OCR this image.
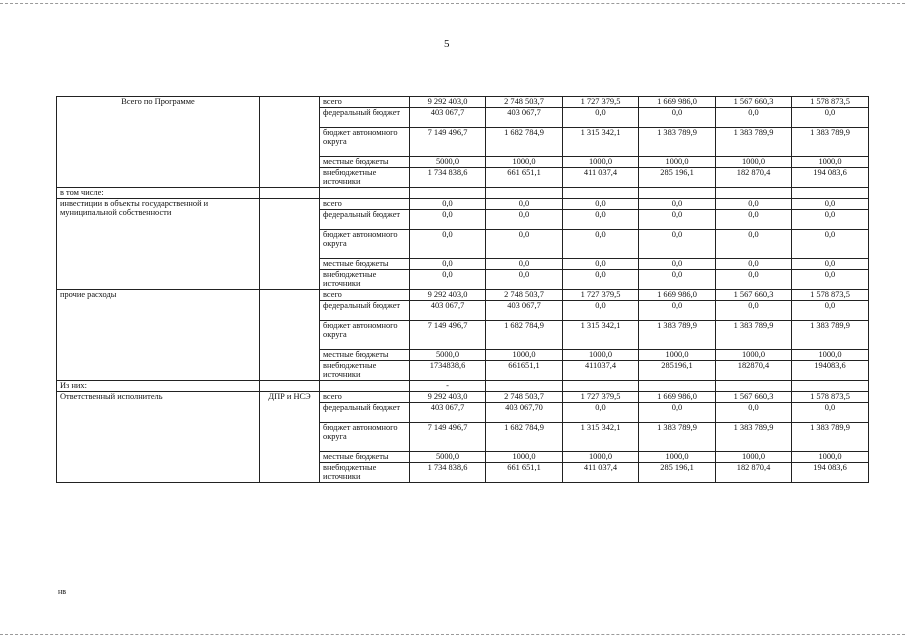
5
Всего по Программе		всего	9 292 403,0	2 748 503,7	1 727 379,5	1 669 986,0	1 567 660,3	1 578 873,5
		федеральный бюджет	403 067,7	403 067,7	0,0	0,0	0,0	0,0
		бюджет автономного округа	7 149 496,7	1 682 784,9	1 315 342,1	1 383 789,9	1 383 789,9	1 383 789,9
		местные бюджеты	5000,0	1000,0	1000,0	1000,0	1000,0	1000,0
		внебюджетные источники	1 734 838,6	661 651,1	411 037,4	285 196,1	182 870,4	194 083,6
в том числе:								
инвестиции в объекты государственной и муниципальной собственности		всего	0,0	0,0	0,0	0,0	0,0	0,0
		федеральный бюджет	0,0	0,0	0,0	0,0	0,0	0,0
		бюджет автономного округа	0,0	0,0	0,0	0,0	0,0	0,0
		местные бюджеты	0,0	0,0	0,0	0,0	0,0	0,0
		внебюджетные источники	0,0	0,0	0,0	0,0	0,0	0,0
прочие расходы		всего	9 292 403,0	2 748 503,7	1 727 379,5	1 669 986,0	1 567 660,3	1 578 873,5
		федеральный бюджет	403 067,7	403 067,7	0,0	0,0	0,0	0,0
		бюджет автономного округа	7 149 496,7	1 682 784,9	1 315 342,1	1 383 789,9	1 383 789,9	1 383 789,9
		местные бюджеты	5000,0	1000,0	1000,0	1000,0	1000,0	1000,0
		внебюджетные источники	1734838,6	661651,1	411037,4	285196,1	182870,4	194083,6
Из них:			-					
Ответственный исполнитель	ДПР и НСЭ	всего	9 292 403,0	2 748 503,7	1 727 379,5	1 669 986,0	1 567 660,3	1 578 873,5
		федеральный бюджет	403 067,7	403 067,70	0,0	0,0	0,0	0,0
		бюджет автономного округа	7 149 496,7	1 682 784,9	1 315 342,1	1 383 789,9	1 383 789,9	1 383 789,9
		местные бюджеты	5000,0	1000,0	1000,0	1000,0	1000,0	1000,0
		внебюджетные источники	1 734 838,6	661 651,1	411 037,4	285 196,1	182 870,4	194 083,6
нв
